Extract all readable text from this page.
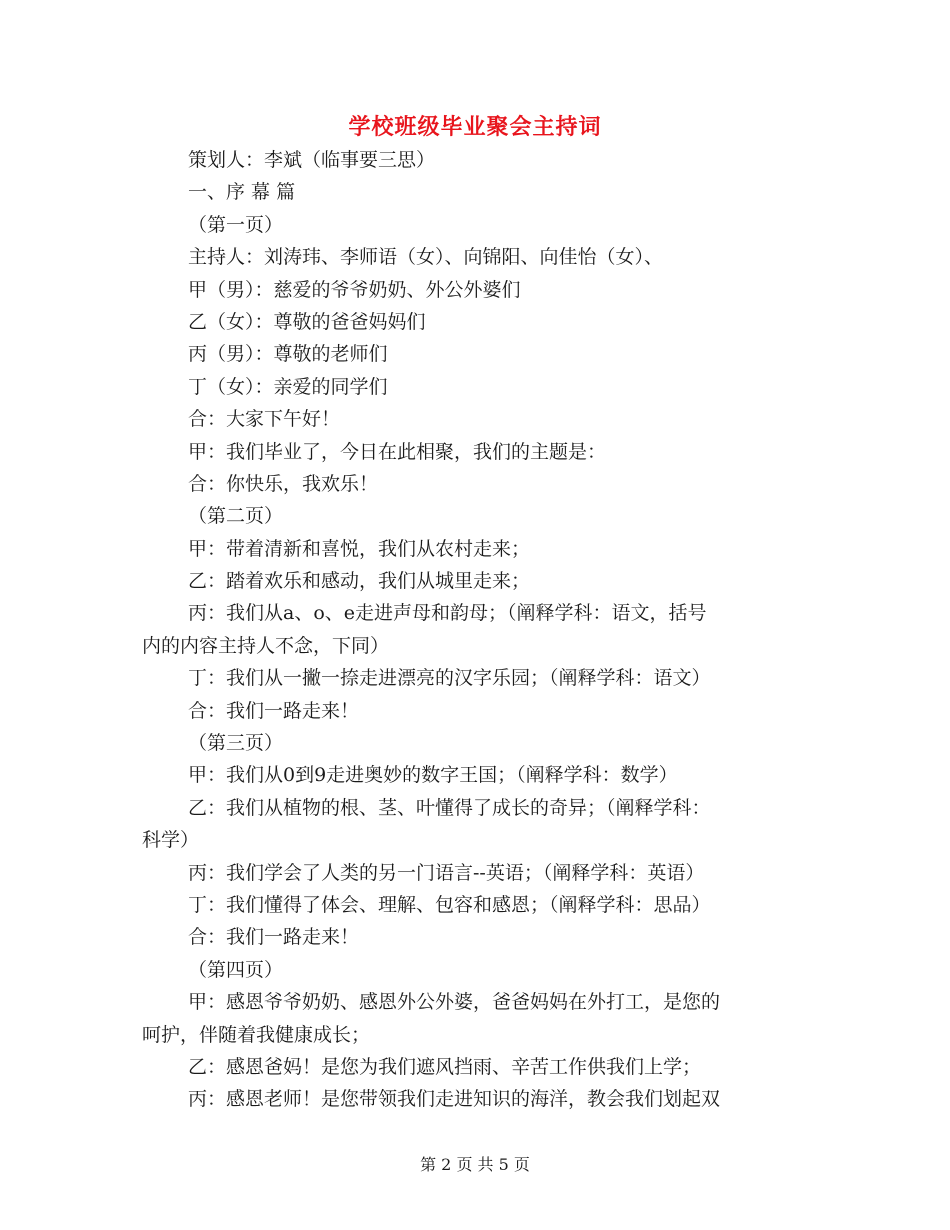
学校班级毕业聚会主持词
策划人：李斌（临事要三思）
一、序 幕 篇
（第一页）
主持人：刘涛玮、李师语（女）、向锦阳、向佳怡（女）、
甲（男）：慈爱的爷爷奶奶、外公外婆们
乙（女）：尊敬的爸爸妈妈们
丙（男）：尊敬的老师们
丁（女）：亲爱的同学们
合：大家下午好！
甲：我们毕业了，今日在此相聚，我们的主题是：
合：你快乐，我欢乐！
（第二页）
甲：带着清新和喜悦，我们从农村走来；
乙：踏着欢乐和感动，我们从城里走来；
丙：我们从a、o、e走进声母和韵母；（阐释学科：语文，括号
内的内容主持人不念，下同）
丁：我们从一撇一捺走进漂亮的汉字乐园；（阐释学科：语文）
合：我们一路走来！
（第三页）
甲：我们从0到9走进奥妙的数字王国；（阐释学科：数学）
乙：我们从植物的根、茎、叶懂得了成长的奇异；（阐释学科：
科学）
丙：我们学会了人类的另一门语言--英语；（阐释学科：英语）
丁：我们懂得了体会、理解、包容和感恩；（阐释学科：思品）
合：我们一路走来！
（第四页）
甲：感恩爷爷奶奶、感恩外公外婆，爸爸妈妈在外打工，是您的
呵护，伴随着我健康成长；
乙：感恩爸妈！是您为我们遮风挡雨、辛苦工作供我们上学；
丙：感恩老师！是您带领我们走进知识的海洋，教会我们划起双
第 2 页 共 5 页
